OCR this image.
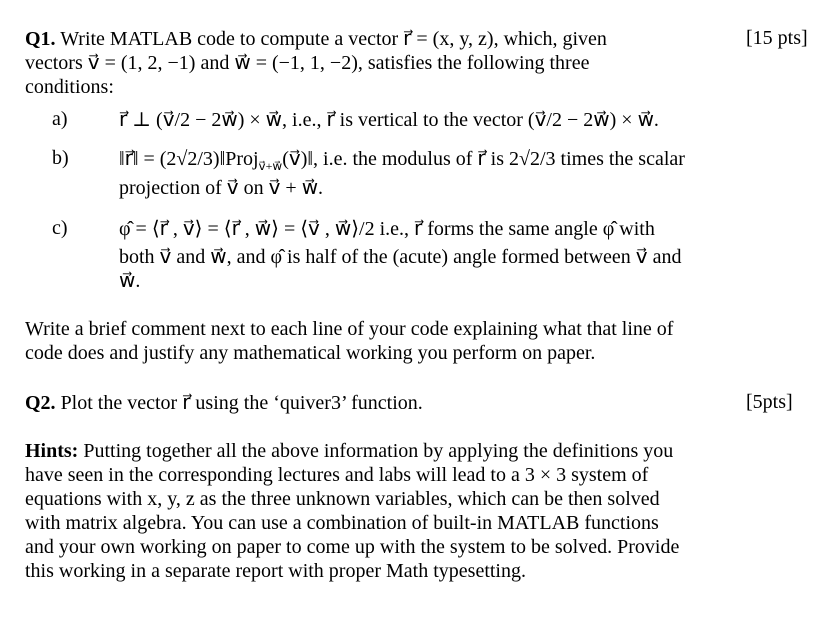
Q1. Write MATLAB code to compute a vector r⃗ = (x, y, z), which, given	[15 pts]
vectors v⃗ = (1, 2, −1) and w⃗ = (−1, 1, −2), satisfies the following three
conditions:
a)	r⃗ ⊥ (v⃗/2 − 2w⃗) × w⃗, i.e., r⃗ is vertical to the vector (v⃗/2 − 2w⃗) × w⃗.
b)	‖r⃗‖ = (2√2/3)‖Proj$_{v⃗+w⃗}$(v⃗)‖, i.e. the modulus of r⃗ is 2√2/3 times the scalar
projection of v⃗ on v⃗ + w⃗.
c)	φ̂ = ⟨r⃗ , v⃗⟩ = ⟨r⃗ , w⃗⟩ = ⟨v⃗ , w⃗⟩/2 i.e., r⃗ forms the same angle φ̂ with
both v⃗ and w⃗, and φ̂ is half of the (acute) angle formed between v⃗ and
w⃗.
Write a brief comment next to each line of your code explaining what that line of
code does and justify any mathematical working you perform on paper.
Q2. Plot the vector r⃗ using the ‘quiver3’ function.	[5pts]
Hints: Putting together all the above information by applying the definitions you
have seen in the corresponding lectures and labs will lead to a 3 × 3 system of
equations with x, y, z as the three unknown variables, which can be then solved
with matrix algebra. You can use a combination of built-in MATLAB functions
and your own working on paper to come up with the system to be solved. Provide
this working in a separate report with proper Math typesetting.
